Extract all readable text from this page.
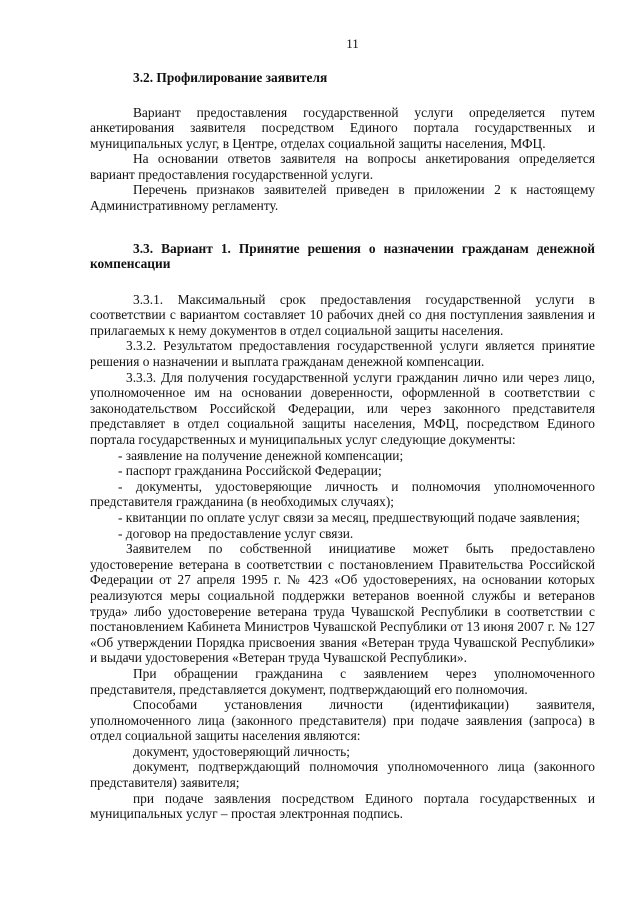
11
3.2. Профилирование заявителя

Вариант предоставления государственной услуги определяется путем анкетирования заявителя посредством Единого портала государственных и муниципальных услуг, в Центре, отделах социальной защиты населения, МФЦ.

На основании ответов заявителя на вопросы анкетирования определяется вариант предоставления государственной услуги.

Перечень признаков заявителей приведен в приложении 2 к настоящему Административному регламенту.

3.3. Вариант 1. Принятие решения о назначении гражданам денежной компенсации

3.3.1. Максимальный срок предоставления государственной услуги в соответствии с вариантом составляет 10 рабочих дней со дня поступления заявления и прилагаемых к нему документов в отдел социальной защиты населения.

3.3.2. Результатом предоставления государственной услуги является принятие решения о назначении и выплата гражданам денежной компенсации.

3.3.3. Для получения государственной услуги гражданин лично или через лицо, уполномоченное им на основании доверенности, оформленной в соответствии с законодательством Российской Федерации, или через законного представителя представляет в отдел социальной защиты населения, МФЦ, посредством Единого портала государственных и муниципальных услуг следующие документы:

- заявление на получение денежной компенсации;

- паспорт гражданина Российской Федерации;

- документы, удостоверяющие личность и полномочия уполномоченного представителя гражданина (в необходимых случаях);

- квитанции по оплате услуг связи за месяц, предшествующий подаче заявления;

- договор на предоставление услуг связи.

Заявителем по собственной инициативе может быть предоставлено удостоверение ветерана в соответствии с постановлением Правительства Российской Федерации от 27 апреля 1995 г. № 423 «Об удостоверениях, на основании которых реализуются меры социальной поддержки ветеранов военной службы и ветеранов труда» либо удостоверение ветерана труда Чувашской Республики в соответствии с постановлением Кабинета Министров Чувашской Республики от 13 июня 2007 г. № 127 «Об утверждении Порядка присвоения звания «Ветеран труда Чувашской Республики» и выдачи удостоверения «Ветеран труда Чувашской Республики».

При обращении гражданина с заявлением через уполномоченного представителя, представляется документ, подтверждающий его полномочия.

Способами установления личности (идентификации) заявителя, уполномоченного лица (законного представителя) при подаче заявления (запроса) в отдел социальной защиты населения являются:

документ, удостоверяющий личность;

документ, подтверждающий полномочия уполномоченного лица (законного представителя) заявителя;

при подаче заявления посредством Единого портала государственных и муниципальных услуг – простая электронная подпись.
